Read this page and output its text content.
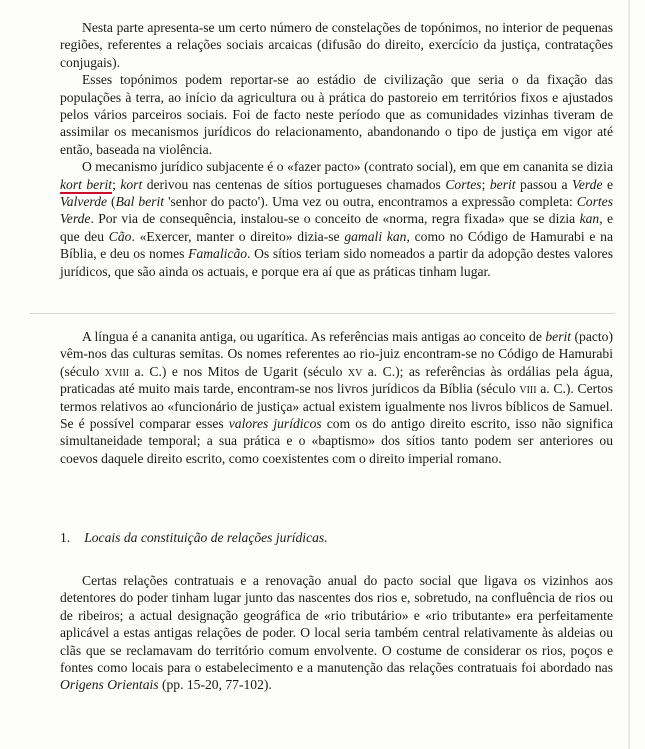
Nesta parte apresenta-se um certo número de constelações de topónimos, no interior de pequenas regiões, referentes a relações sociais arcaicas (difusão do direito, exercício da justiça, contratações conjugais).

Esses topónimos podem reportar-se ao estádio de civilização que seria o da fixação das populações à terra, ao início da agricultura ou à prática do pastoreio em territórios fixos e ajustados pelos vários parceiros sociais. Foi de facto neste período que as comunidades vizinhas tiveram de assimilar os mecanismos jurídicos do relacionamento, abandonando o tipo de justiça em vigor até então, baseada na violência.

O mecanismo jurídico subjacente é o «fazer pacto» (contrato social), em que em cananita se dizia kort berit; kort derivou nas centenas de sítios portugueses chamados Cortes; berit passou a Verde e Valverde (Bal berit 'senhor do pacto'). Uma vez ou outra, encontramos a expressão completa: Cortes Verde. Por via de consequência, instalou-se o conceito de «norma, regra fixada» que se dizia kan, e que deu Cão. «Exercer, manter o direito» dizia-se gamali kan, como no Código de Hamurabi e na Bíblia, e deu os nomes Famalicão. Os sítios teriam sido nomeados a partir da adopção destes valores jurídicos, que são ainda os actuais, e porque era aí que as práticas tinham lugar.

A língua é a cananita antiga, ou ugarítica. As referências mais antigas ao conceito de berit (pacto) vêm-nos das culturas semitas. Os nomes referentes ao rio-juiz encontram-se no Código de Hamurabi (século xviii a. C.) e nos Mitos de Ugarit (século xv a. C.); as referências às ordálias pela água, praticadas até muito mais tarde, encontram-se nos livros jurídicos da Bíblia (século viii a. C.). Certos termos relativos ao «funcionário de justiça» actual existem igualmente nos livros bíblicos de Samuel. Se é possível comparar esses valores jurídicos com os do antigo direito escrito, isso não significa simultaneidade temporal; a sua prática e o «baptismo» dos sítios tanto podem ser anteriores ou coevos daquele direito escrito, como coexistentes com o direito imperial romano.

1. Locais da constituição de relações jurídicas.

Certas relações contratuais e a renovação anual do pacto social que ligava os vizinhos aos detentores do poder tinham lugar junto das nascentes dos rios e, sobretudo, na confluência de rios ou de ribeiros; a actual designação geográfica de «rio tributário» e «rio tributante» era perfeitamente aplicável a estas antigas relações de poder. O local seria também central relativamente às aldeias ou clãs que se reclamavam do território comum envolvente. O costume de considerar os rios, poços e fontes como locais para o estabelecimento e a manutenção das relações contratuais foi abordado nas Origens Orientais (pp. 15-20, 77-102).
